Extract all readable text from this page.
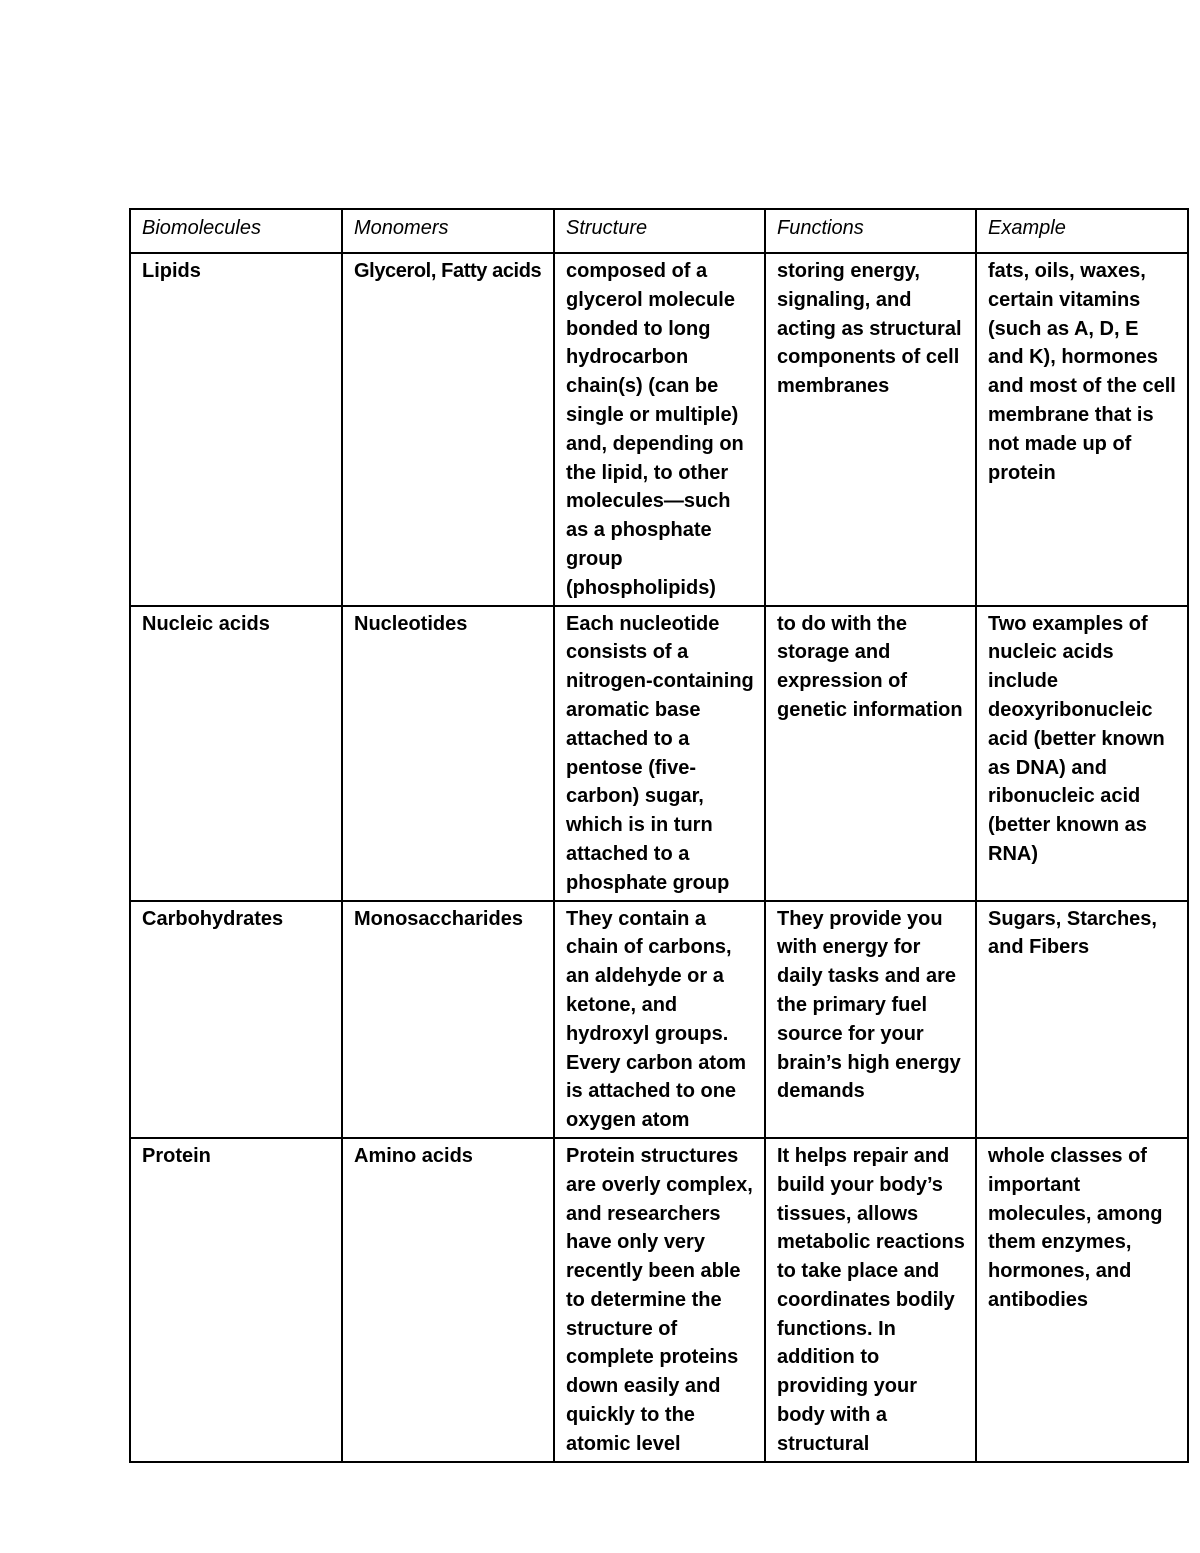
Biomolecules	Monomers	Structure	Functions	Example
Lipids	Glycerol, Fatty acids	composed of a glycerol molecule bonded to long hydrocarbon chain(s) (can be single or multiple) and, depending on the lipid, to other molecules—such as a phosphate group (phospholipids)	storing energy, signaling, and acting as structural components of cell membranes	fats, oils, waxes, certain vitamins (such as A, D, E and K), hormones and most of the cell membrane that is not made up of protein
Nucleic acids	Nucleotides	Each nucleotide consists of a nitrogen-containing aromatic base attached to a pentose (five-carbon) sugar, which is in turn attached to a phosphate group	to do with the storage and expression of genetic information	Two examples of nucleic acids include deoxyribonucleic acid (better known as DNA) and ribonucleic acid (better known as RNA)
Carbohydrates	Monosaccharides	They contain a chain of carbons, an aldehyde or a ketone, and hydroxyl groups. Every carbon atom is attached to one oxygen atom	They provide you with energy for daily tasks and are the primary fuel source for your brain’s high energy demands	Sugars, Starches, and Fibers
Protein	Amino acids	Protein structures are overly complex, and researchers have only very recently been able to determine the structure of complete proteins down easily and quickly to the atomic level	It helps repair and build your body’s tissues, allows metabolic reactions to take place and coordinates bodily functions. In addition to providing your body with a structural	whole classes of important molecules, among them enzymes, hormones, and antibodies
